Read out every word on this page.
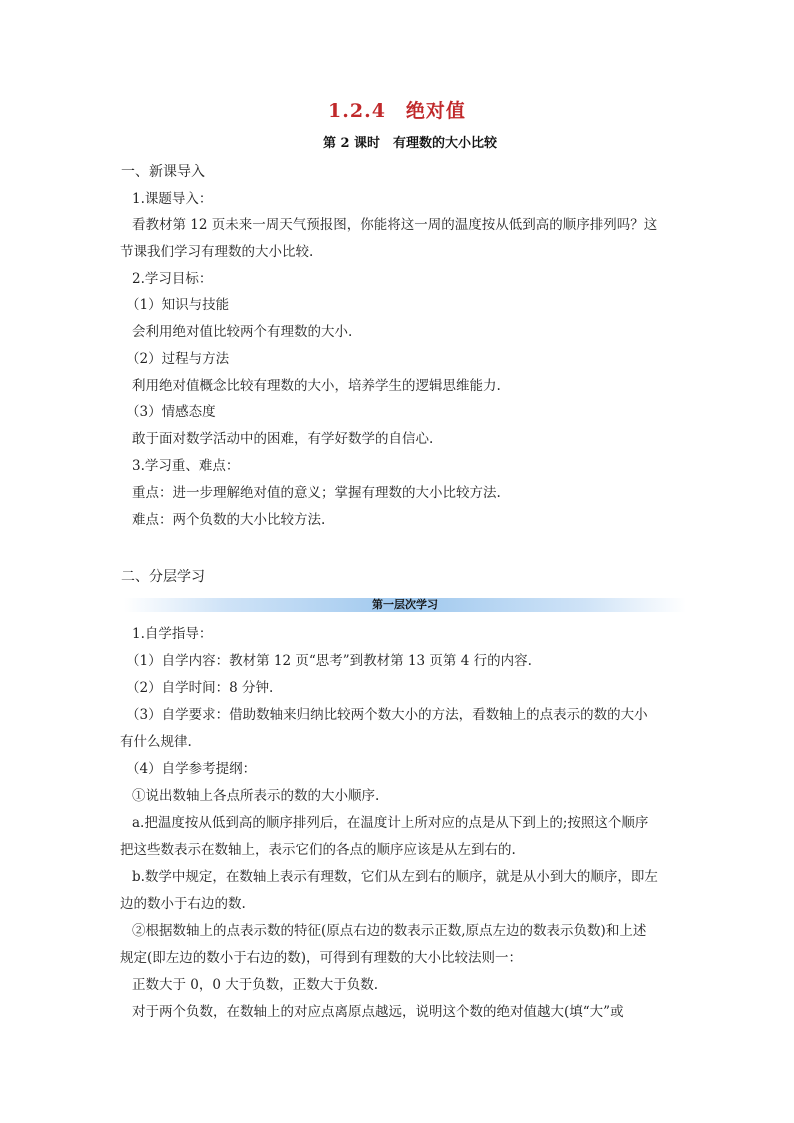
1.2.4　绝对值
第 2 课时　有理数的大小比较
一、新课导入
1.课题导入：
看教材第 12 页未来一周天气预报图，你能将这一周的温度按从低到高的顺序排列吗？这
节课我们学习有理数的大小比较.
2.学习目标：
（1）知识与技能
会利用绝对值比较两个有理数的大小.
（2）过程与方法
利用绝对值概念比较有理数的大小，培养学生的逻辑思维能力.
（3）情感态度
敢于面对数学活动中的困难，有学好数学的自信心.
3.学习重、难点：
重点：进一步理解绝对值的意义；掌握有理数的大小比较方法.
难点：两个负数的大小比较方法.
二、分层学习
第一层次学习
1.自学指导：
（1）自学内容：教材第 12 页“思考”到教材第 13 页第 4 行的内容.
（2）自学时间：8 分钟.
（3）自学要求：借助数轴来归纳比较两个数大小的方法，看数轴上的点表示的数的大小
有什么规律.
（4）自学参考提纲：
①说出数轴上各点所表示的数的大小顺序.
a.把温度按从低到高的顺序排列后，在温度计上所对应的点是从下到上的;按照这个顺序
把这些数表示在数轴上，表示它们的各点的顺序应该是从左到右的.
b.数学中规定，在数轴上表示有理数，它们从左到右的顺序，就是从小到大的顺序，即左
边的数小于右边的数.
②根据数轴上的点表示数的特征(原点右边的数表示正数,原点左边的数表示负数)和上述
规定(即左边的数小于右边的数)，可得到有理数的大小比较法则一：
正数大于 0，0 大于负数，正数大于负数.
对于两个负数，在数轴上的对应点离原点越远，说明这个数的绝对值越大(填“大”或
